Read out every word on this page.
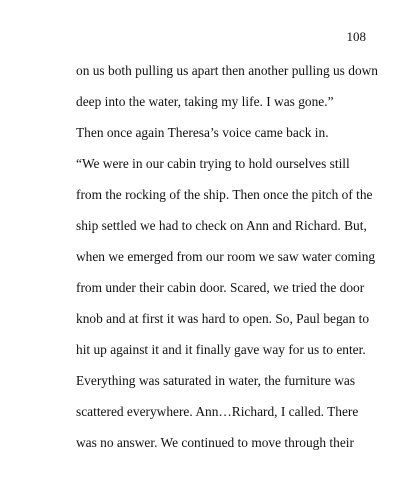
108
on us both pulling us apart then another pulling us down
deep into the water, taking my life. I was gone.”
Then once again Theresa’s voice came back in.
“We were in our cabin trying to hold ourselves still
from the rocking of the ship. Then once the pitch of the
ship settled we had to check on Ann and Richard. But,
when we emerged from our room we saw water coming
from under their cabin door. Scared, we tried the door
knob and at first it was hard to open. So, Paul began to
hit up against it and it finally gave way for us to enter.
Everything was saturated in water, the furniture was
scattered everywhere. Ann…Richard, I called. There
was no answer. We continued to move through their
